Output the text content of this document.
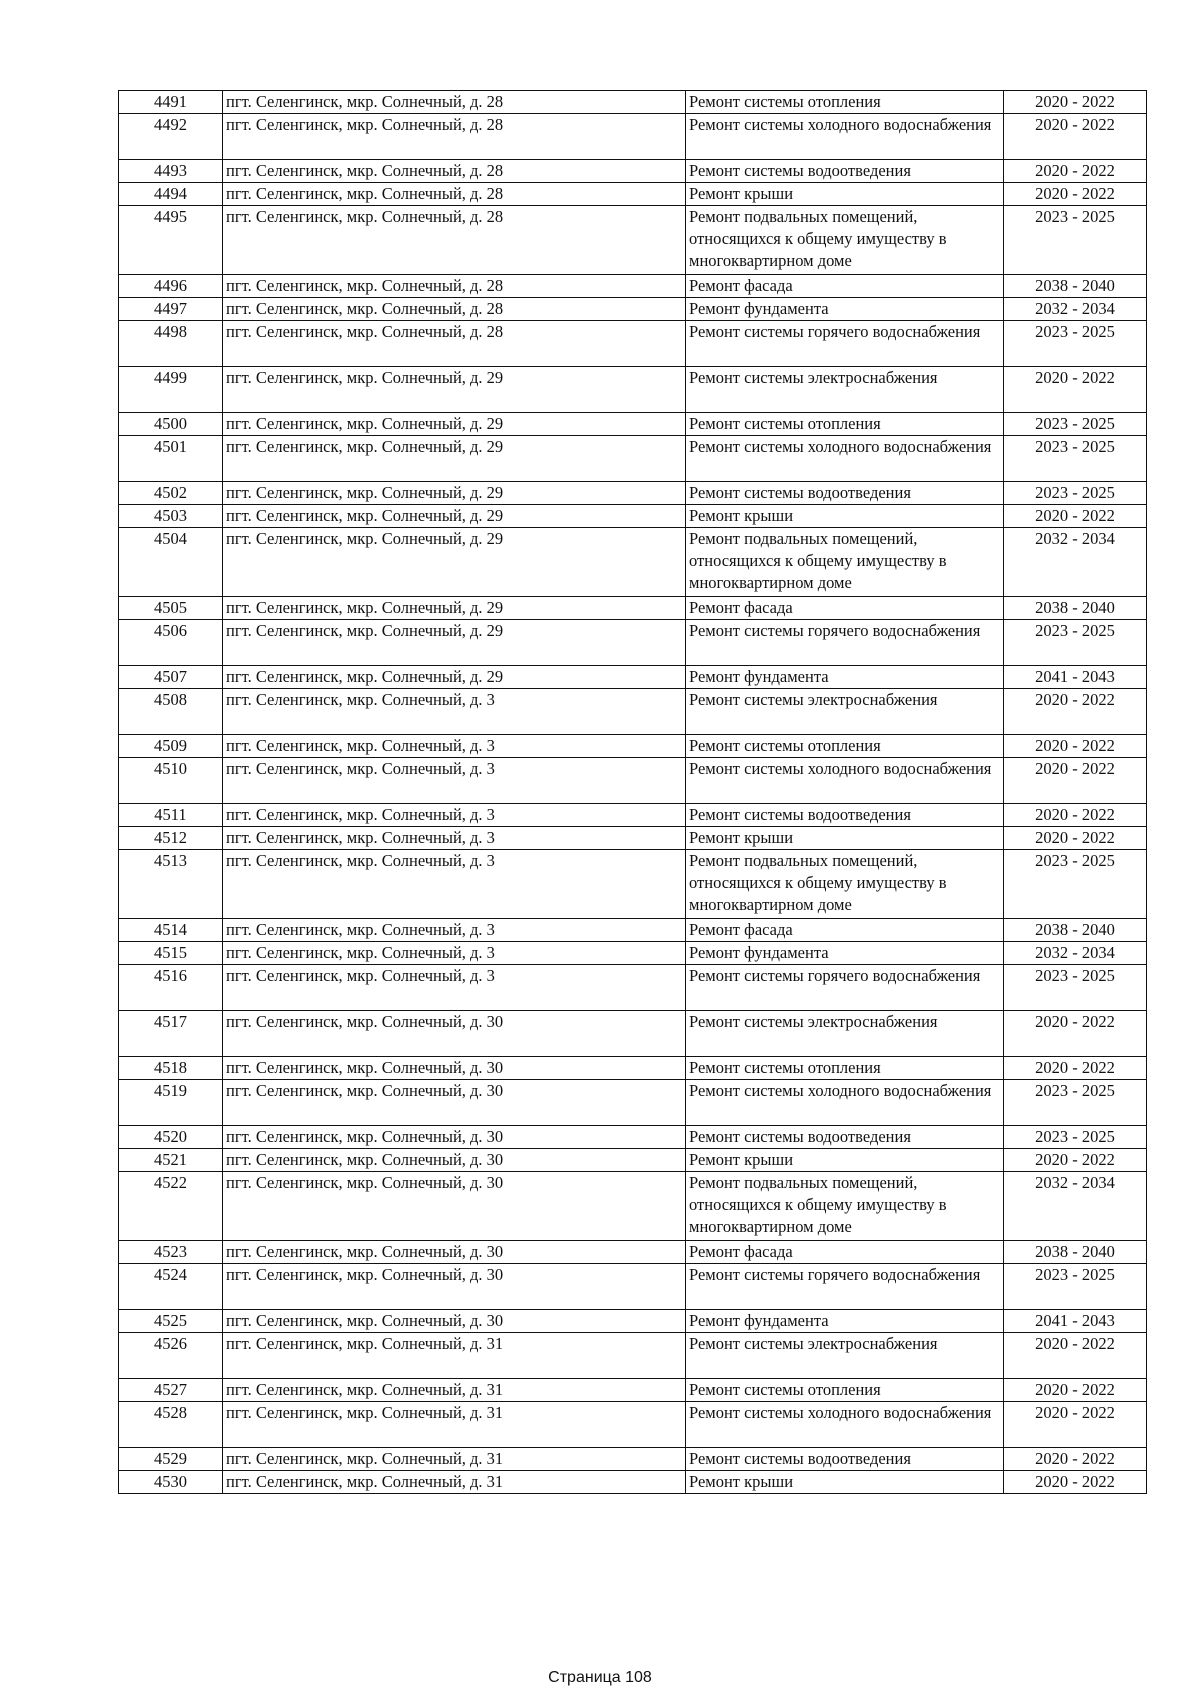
4491	пгт. Селенгинск, мкр. Солнечный, д. 28	Ремонт системы отопления	2020 - 2022
4492	пгт. Селенгинск, мкр. Солнечный, д. 28	Ремонт системы холодного водоснабжения	2020 - 2022
4493	пгт. Селенгинск, мкр. Солнечный, д. 28	Ремонт системы водоотведения	2020 - 2022
4494	пгт. Селенгинск, мкр. Солнечный, д. 28	Ремонт крыши	2020 - 2022
4495	пгт. Селенгинск, мкр. Солнечный, д. 28	Ремонт подвальных помещений, относящихся к общему имуществу в многоквартирном доме	2023 - 2025
4496	пгт. Селенгинск, мкр. Солнечный, д. 28	Ремонт фасада	2038 - 2040
4497	пгт. Селенгинск, мкр. Солнечный, д. 28	Ремонт фундамента	2032 - 2034
4498	пгт. Селенгинск, мкр. Солнечный, д. 28	Ремонт системы горячего водоснабжения	2023 - 2025
4499	пгт. Селенгинск, мкр. Солнечный, д. 29	Ремонт системы электроснабжения	2020 - 2022
4500	пгт. Селенгинск, мкр. Солнечный, д. 29	Ремонт системы отопления	2023 - 2025
4501	пгт. Селенгинск, мкр. Солнечный, д. 29	Ремонт системы холодного водоснабжения	2023 - 2025
4502	пгт. Селенгинск, мкр. Солнечный, д. 29	Ремонт системы водоотведения	2023 - 2025
4503	пгт. Селенгинск, мкр. Солнечный, д. 29	Ремонт крыши	2020 - 2022
4504	пгт. Селенгинск, мкр. Солнечный, д. 29	Ремонт подвальных помещений, относящихся к общему имуществу в многоквартирном доме	2032 - 2034
4505	пгт. Селенгинск, мкр. Солнечный, д. 29	Ремонт фасада	2038 - 2040
4506	пгт. Селенгинск, мкр. Солнечный, д. 29	Ремонт системы горячего водоснабжения	2023 - 2025
4507	пгт. Селенгинск, мкр. Солнечный, д. 29	Ремонт фундамента	2041 - 2043
4508	пгт. Селенгинск, мкр. Солнечный, д. 3	Ремонт системы электроснабжения	2020 - 2022
4509	пгт. Селенгинск, мкр. Солнечный, д. 3	Ремонт системы отопления	2020 - 2022
4510	пгт. Селенгинск, мкр. Солнечный, д. 3	Ремонт системы холодного водоснабжения	2020 - 2022
4511	пгт. Селенгинск, мкр. Солнечный, д. 3	Ремонт системы водоотведения	2020 - 2022
4512	пгт. Селенгинск, мкр. Солнечный, д. 3	Ремонт крыши	2020 - 2022
4513	пгт. Селенгинск, мкр. Солнечный, д. 3	Ремонт подвальных помещений, относящихся к общему имуществу в многоквартирном доме	2023 - 2025
4514	пгт. Селенгинск, мкр. Солнечный, д. 3	Ремонт фасада	2038 - 2040
4515	пгт. Селенгинск, мкр. Солнечный, д. 3	Ремонт фундамента	2032 - 2034
4516	пгт. Селенгинск, мкр. Солнечный, д. 3	Ремонт системы горячего водоснабжения	2023 - 2025
4517	пгт. Селенгинск, мкр. Солнечный, д. 30	Ремонт системы электроснабжения	2020 - 2022
4518	пгт. Селенгинск, мкр. Солнечный, д. 30	Ремонт системы отопления	2020 - 2022
4519	пгт. Селенгинск, мкр. Солнечный, д. 30	Ремонт системы холодного водоснабжения	2023 - 2025
4520	пгт. Селенгинск, мкр. Солнечный, д. 30	Ремонт системы водоотведения	2023 - 2025
4521	пгт. Селенгинск, мкр. Солнечный, д. 30	Ремонт крыши	2020 - 2022
4522	пгт. Селенгинск, мкр. Солнечный, д. 30	Ремонт подвальных помещений, относящихся к общему имуществу в многоквартирном доме	2032 - 2034
4523	пгт. Селенгинск, мкр. Солнечный, д. 30	Ремонт фасада	2038 - 2040
4524	пгт. Селенгинск, мкр. Солнечный, д. 30	Ремонт системы горячего водоснабжения	2023 - 2025
4525	пгт. Селенгинск, мкр. Солнечный, д. 30	Ремонт фундамента	2041 - 2043
4526	пгт. Селенгинск, мкр. Солнечный, д. 31	Ремонт системы электроснабжения	2020 - 2022
4527	пгт. Селенгинск, мкр. Солнечный, д. 31	Ремонт системы отопления	2020 - 2022
4528	пгт. Селенгинск, мкр. Солнечный, д. 31	Ремонт системы холодного водоснабжения	2020 - 2022
4529	пгт. Селенгинск, мкр. Солнечный, д. 31	Ремонт системы водоотведения	2020 - 2022
4530	пгт. Селенгинск, мкр. Солнечный, д. 31	Ремонт крыши	2020 - 2022
Страница 108
